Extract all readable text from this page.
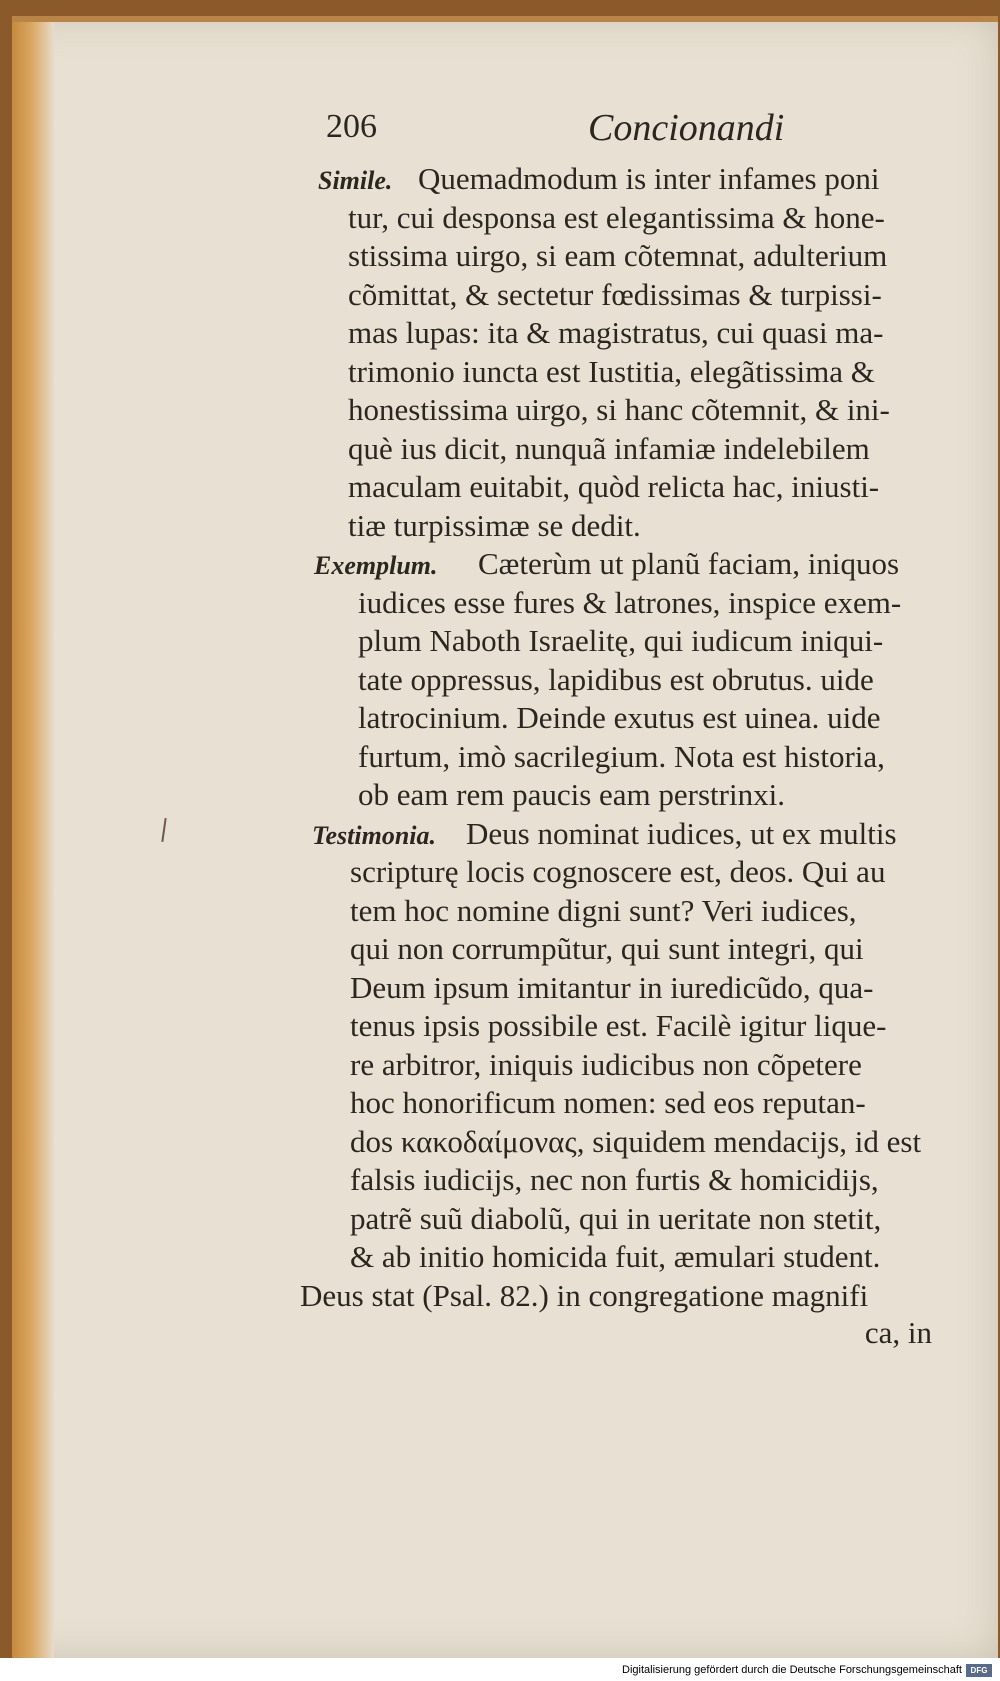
206	Concionandi
Simile. Quemadmodum is inter infames poni
tur, cui desponsa est elegantissima & hone-
stissima uirgo, si eam cõtemnat, adulterium
cõmittat, & sectetur fœdissimas & turpissi-
mas lupas: ita & magistratus, cui quasi ma-
trimonio iuncta est Iustitia, elegãtissima &
honestissima uirgo, si hanc cõtemnit, & ini-
què ius dicit, nunquã infamiæ indelebilem
maculam euitabit, quòd relicta hac, iniusti-
tiæ turpissimæ se dedit.
Exemplum.	Cæterùm ut planũ faciam, iniquos
iudices esse fures & latrones, inspice exem-
plum Naboth Israelitę, qui iudicum iniqui-
tate oppressus, lapidibus est obrutus. uide
latrocinium. Deinde exutus est uinea. uide
furtum, imò sacrilegium. Nota est historia,
ob eam rem paucis eam perstrinxi.
Testimonia. Deus nominat iudices, ut ex multis
scripturę locis cognoscere est, deos. Qui au
tem hoc nomine digni sunt? Veri iudices,
qui non corrumpũtur, qui sunt integri, qui
Deum ipsum imitantur in iuredicũdo, qua-
tenus ipsis possibile est. Facilè igitur lique-
re arbitror, iniquis iudicibus non cõpetere
hoc honorificum nomen: sed eos reputan-
dos κακοδαίμονας, siquidem mendacijs, id est
falsis iudicijs, nec non furtis & homicidijs,
patrẽ suũ diabolũ, qui in ueritate non stetit,
& ab initio homicida fuit, æmulari student.
Deus stat (Psal. 82.) in congregatione magnifi
ca, in
Digitalisierung gefördert durch die Deutsche Forschungsgemeinschaft	DFG
